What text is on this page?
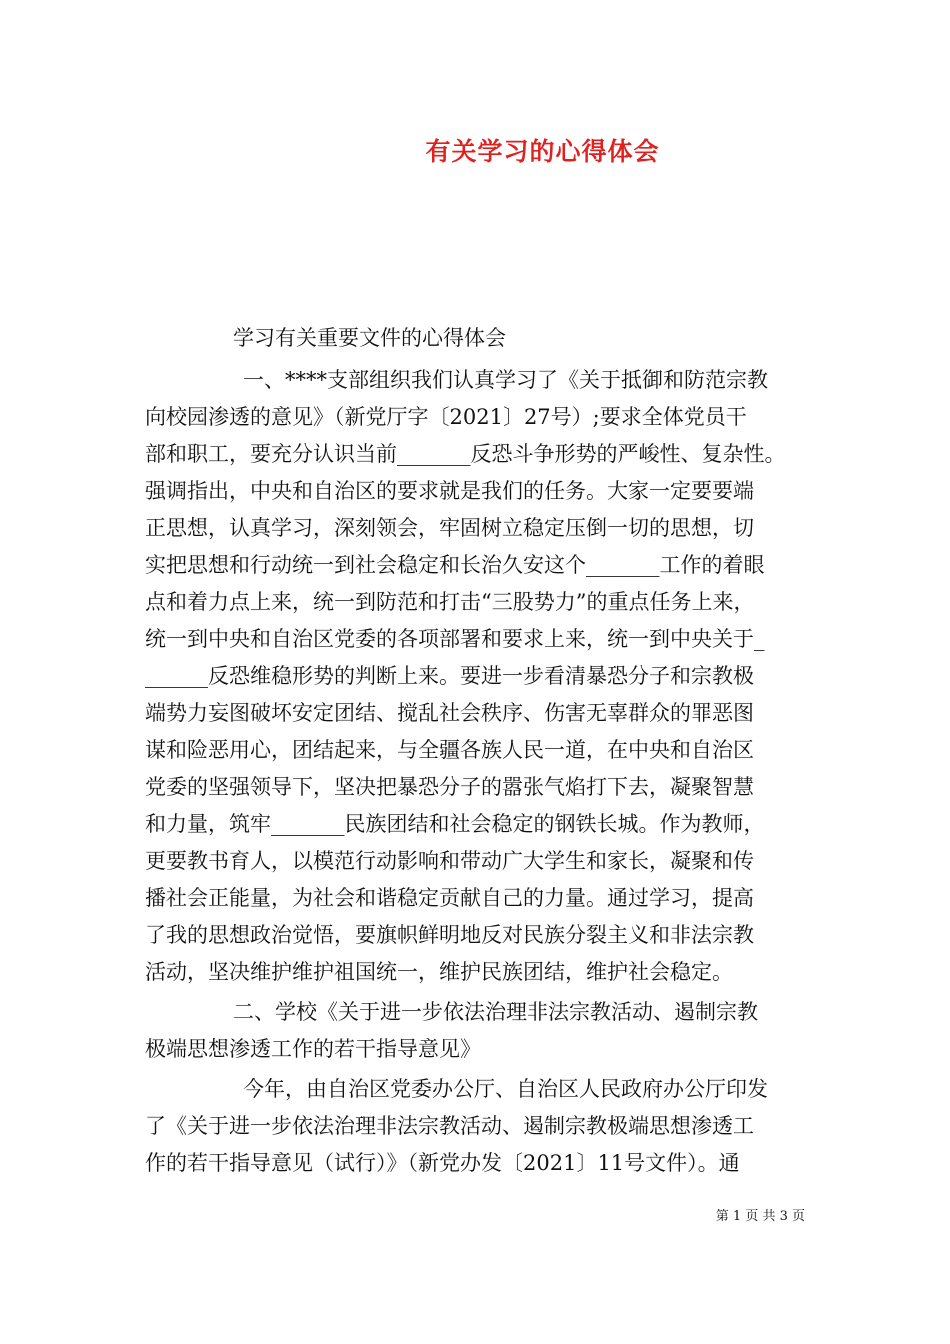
有关学习的心得体会
学习有关重要文件的心得体会
一、****支部组织我们认真学习了《关于抵御和防范宗教
向校园渗透的意见》（新党厅字〔2021〕27号）;要求全体党员干
部和职工，要充分认识当前_______反恐斗争形势的严峻性、复杂性。
强调指出，中央和自治区的要求就是我们的任务。大家一定要要端
正思想，认真学习，深刻领会，牢固树立稳定压倒一切的思想，切
实把思想和行动统一到社会稳定和长治久安这个_______工作的着眼
点和着力点上来，统一到防范和打击“三股势力”的重点任务上来，
统一到中央和自治区党委的各项部署和要求上来，统一到中央关于_
______反恐维稳形势的判断上来。要进一步看清暴恐分子和宗教极
端势力妄图破坏安定团结、搅乱社会秩序、伤害无辜群众的罪恶图
谋和险恶用心，团结起来，与全疆各族人民一道，在中央和自治区
党委的坚强领导下，坚决把暴恐分子的嚣张气焰打下去，凝聚智慧
和力量，筑牢_______民族团结和社会稳定的钢铁长城。作为教师，
更要教书育人，以模范行动影响和带动广大学生和家长，凝聚和传
播社会正能量，为社会和谐稳定贡献自己的力量。通过学习，提高
了我的思想政治觉悟，要旗帜鲜明地反对民族分裂主义和非法宗教
活动，坚决维护维护祖国统一，维护民族团结，维护社会稳定。
二、学校《关于进一步依法治理非法宗教活动、遏制宗教
极端思想渗透工作的若干指导意见》
今年，由自治区党委办公厅、自治区人民政府办公厅印发
了《关于进一步依法治理非法宗教活动、遏制宗教极端思想渗透工
作的若干指导意见（试行）》（新党办发〔2021〕11号文件）。通
第 1 页 共 3 页
